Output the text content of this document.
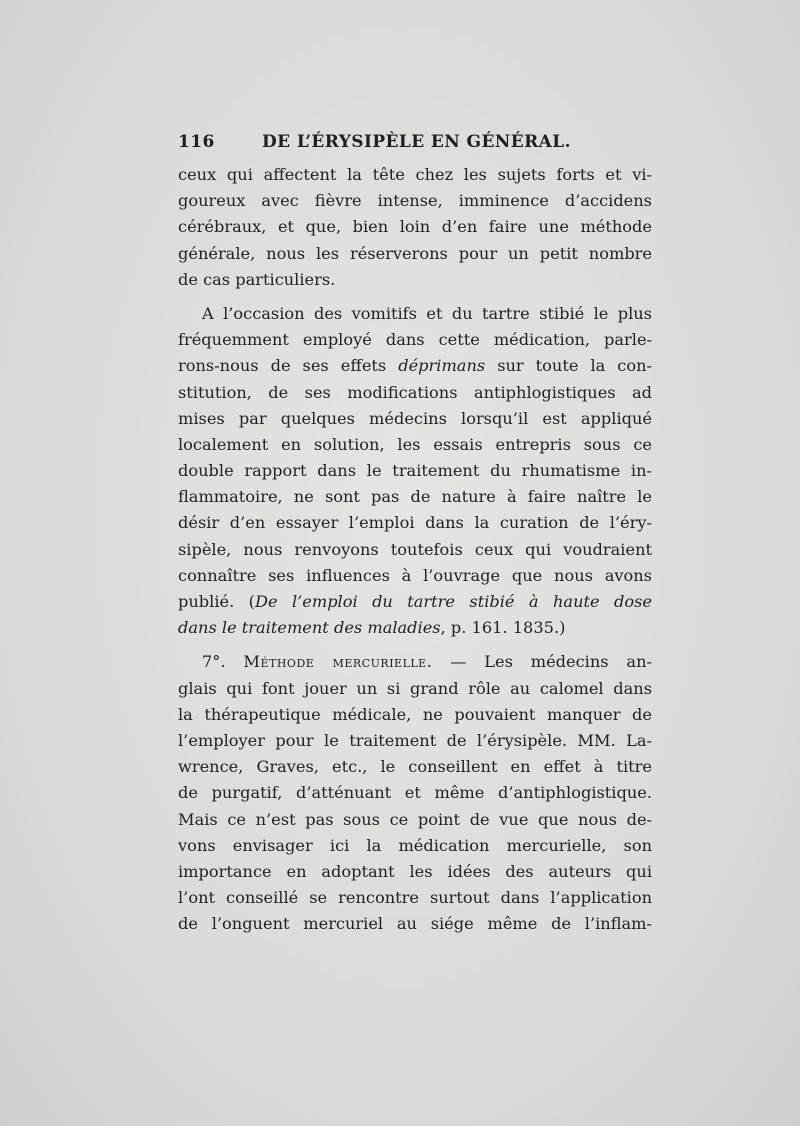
116	DE L’ÉRYSIPÈLE EN GÉNÉRAL.
ceux qui affectent la tête chez les sujets forts et vi-
goureux avec fièvre intense, imminence d’accidens
cérébraux, et que, bien loin d’en faire une méthode
générale, nous les réserverons pour un petit nombre
de cas particuliers.
A l’occasion des vomitifs et du tartre stibié le plus
fréquemment employé dans cette médication, parle-
rons-nous de ses effets déprimans sur toute la con-
stitution, de ses modifications antiphlogistiques ad
mises par quelques médecins lorsqu’il est appliqué
localement en solution, les essais entrepris sous ce
double rapport dans le traitement du rhumatisme in-
flammatoire, ne sont pas de nature à faire naître le
désir d’en essayer l’emploi dans la curation de l’éry-
sipèle, nous renvoyons toutefois ceux qui voudraient
connaître ses influences à l’ouvrage que nous avons
publié. (De l’emploi du tartre stibié à haute dose
dans le traitement des maladies, p. 161. 1835.)
7°. Méthode mercurielle. — Les médecins an-
glais qui font jouer un si grand rôle au calomel dans
la thérapeutique médicale, ne pouvaient manquer de
l’employer pour le traitement de l’érysipèle. MM. La-
wrence, Graves, etc., le conseillent en effet à titre
de purgatif, d’atténuant et même d’antiphlogistique.
Mais ce n’est pas sous ce point de vue que nous de-
vons envisager ici la médication mercurielle, son
importance en adoptant les idées des auteurs qui
l’ont conseillé se rencontre surtout dans l’application
de l’onguent mercuriel au siége même de l’inflam-
